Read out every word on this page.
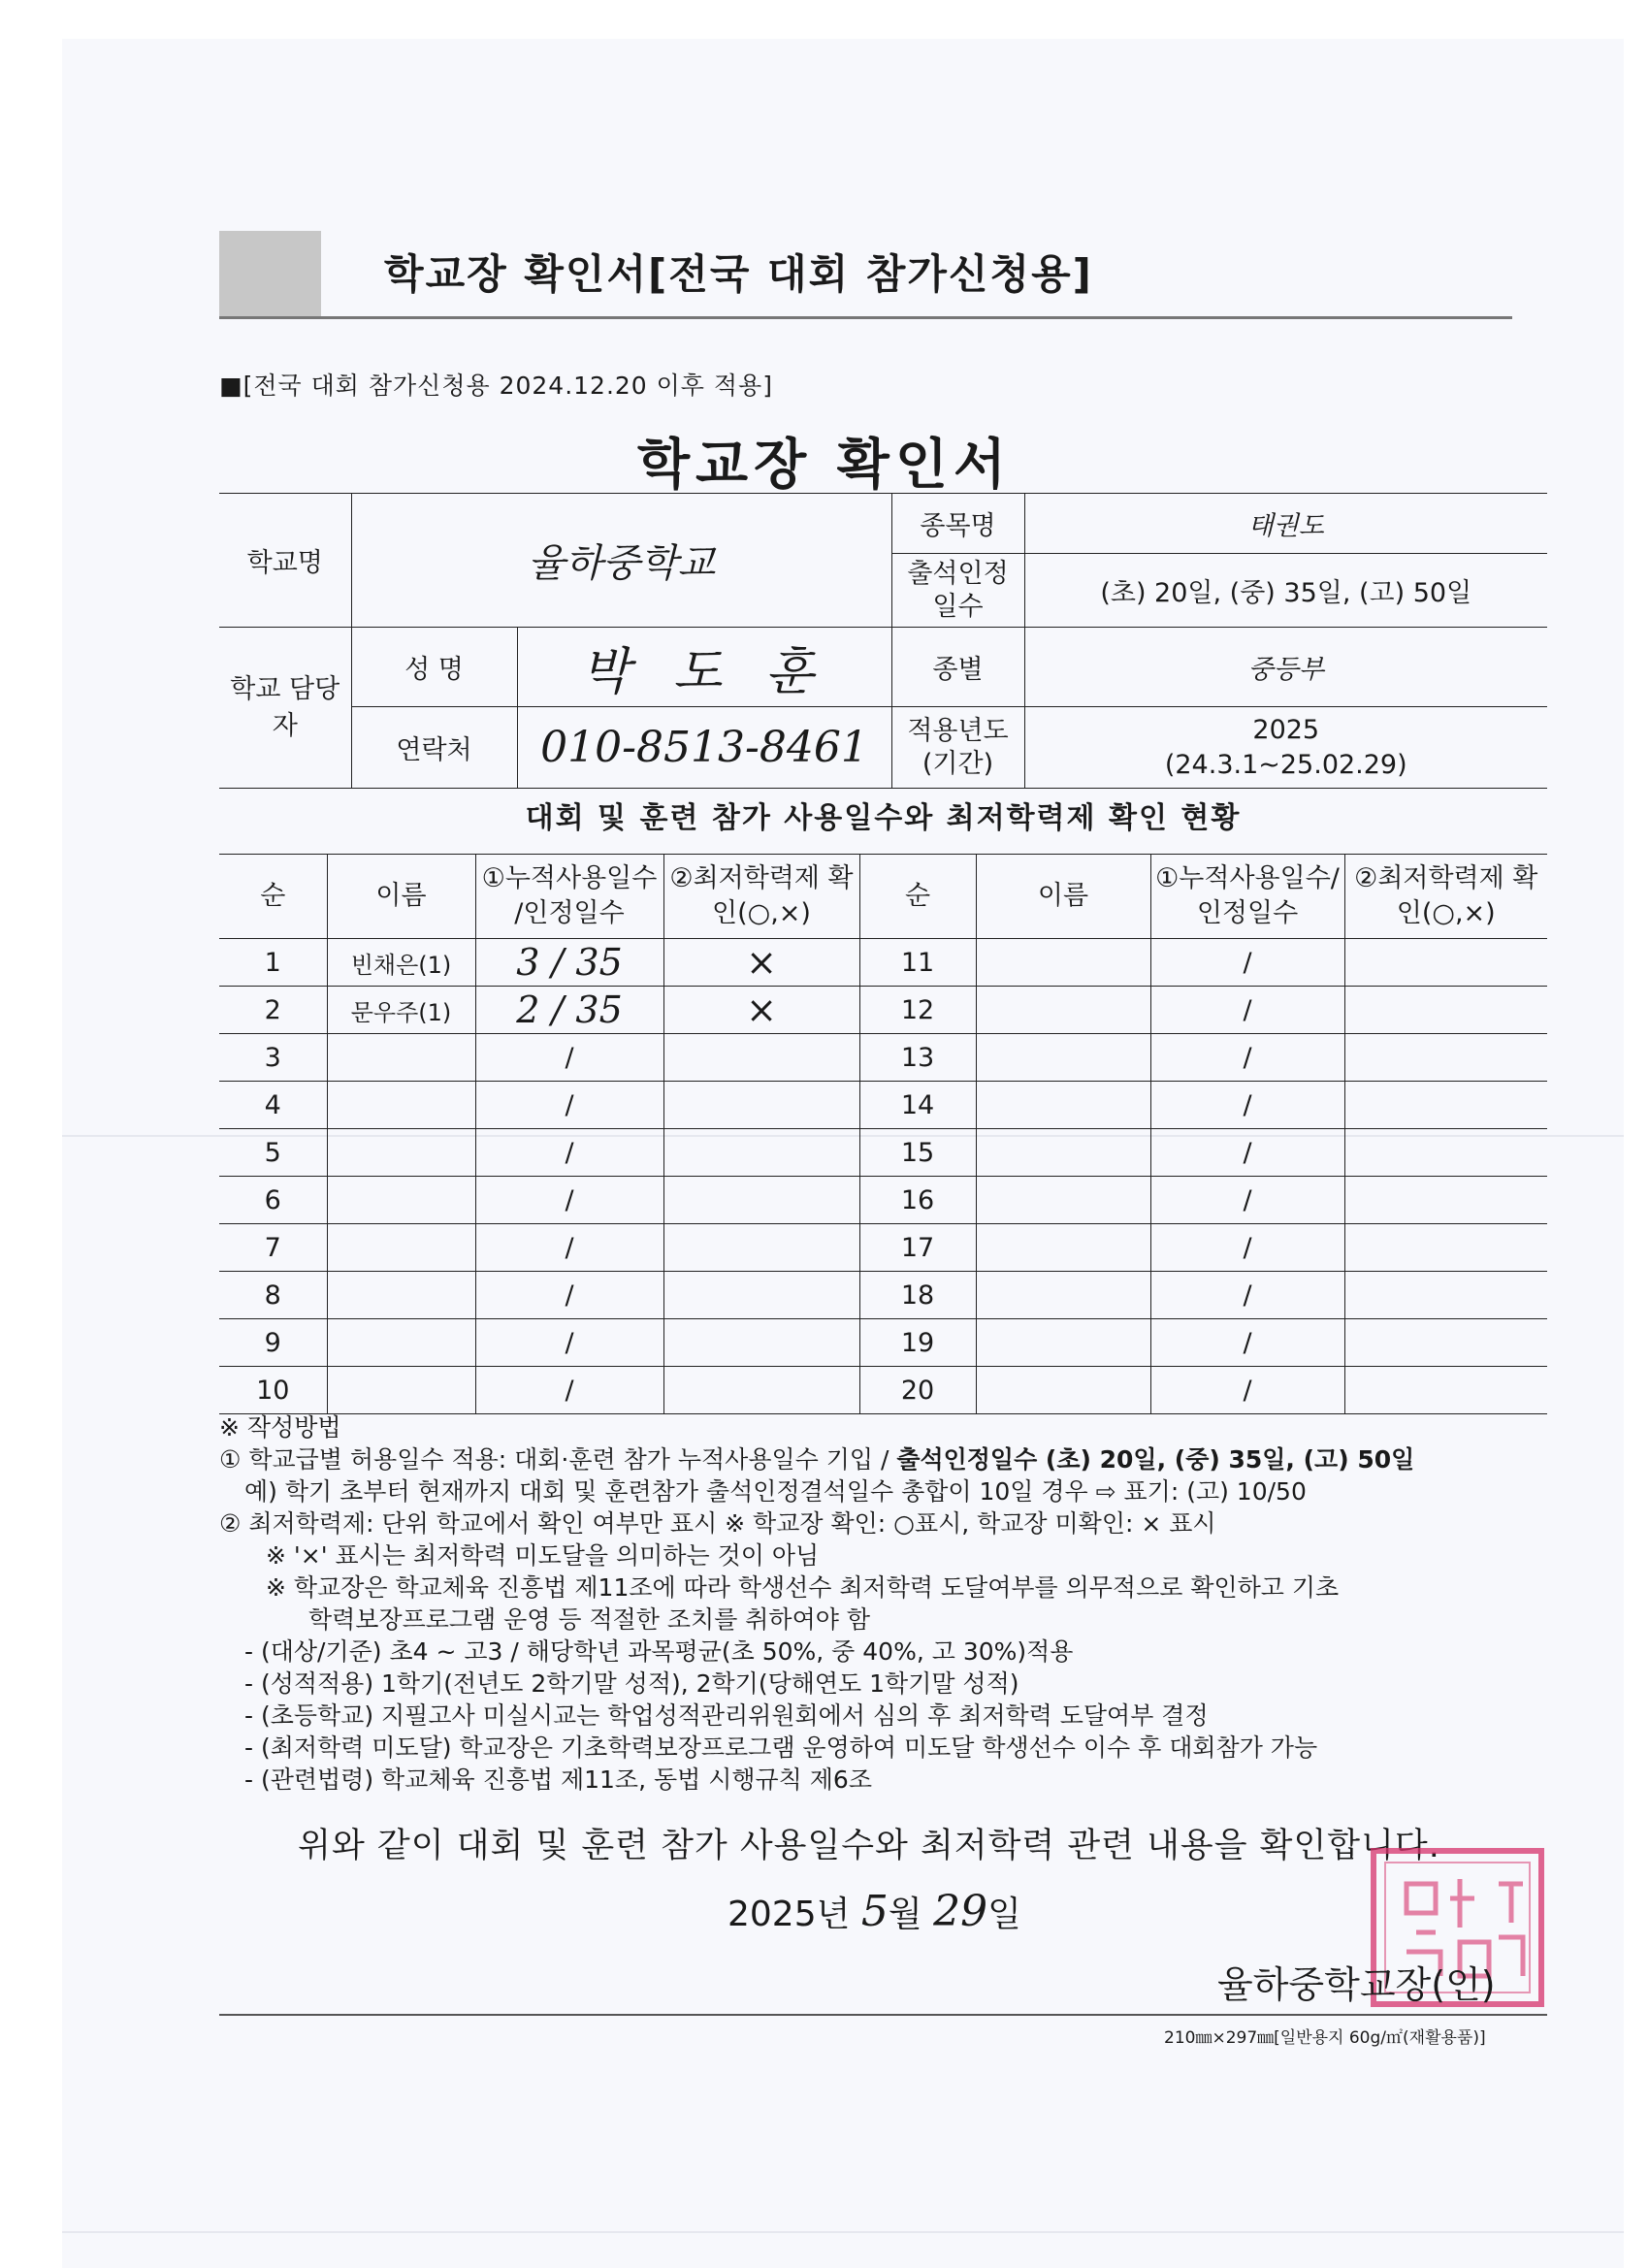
학교장 확인서[전국 대회 참가신청용]
■[전국 대회 참가신청용 2024.12.20 이후 적용]
학교장 확인서
학교명	율하중학교		종목명	태권도
			출석인정 일수	(초) 20일, (중) 35일, (고) 50일
학교 담당자	성 명	박 도 훈	종별	중등부
	연락처	010-8513-8461	적용년도 (기간)	2025
(24.3.1~25.02.29)
대회 및 훈련 참가 사용일수와 최저학력제 확인 현황
순	이름	①누적사용일수 /인정일수	②최저학력제 확인(○,×)	순	이름	①누적사용일수/ 인정일수	②최저학력제 확인(○,×)
1	빈채은(1)	3 / 35	×	11		/	
2	문우주(1)	2 / 35	×	12		/	
3		/		13		/	
4		/		14		/	
5		/		15		/	
6		/		16		/	
7		/		17		/	
8		/		18		/	
9		/		19		/	
10		/		20		/	
※ 작성방법
① 학교급별 허용일수 적용: 대회·훈련 참가 누적사용일수 기입 / 출석인정일수 (초) 20일, (중) 35일, (고) 50일
예) 학기 초부터 현재까지 대회 및 훈련참가 출석인정결석일수 총합이 10일 경우 ⇨ 표기: (고) 10/50
② 최저학력제: 단위 학교에서 확인 여부만 표시 ※ 학교장 확인: ○표시, 학교장 미확인: × 표시
※ '×' 표시는 최저학력 미도달을 의미하는 것이 아님
※ 학교장은 학교체육 진흥법 제11조에 따라 학생선수 최저학력 도달여부를 의무적으로 확인하고 기초
학력보장프로그램 운영 등 적절한 조치를 취하여야 함
- (대상/기준) 초4 ~ 고3 / 해당학년 과목평균(초 50%, 중 40%, 고 30%)적용
- (성적적용) 1학기(전년도 2학기말 성적), 2학기(당해연도 1학기말 성적)
- (초등학교) 지필고사 미실시교는 학업성적관리위원회에서 심의 후 최저학력 도달여부 결정
- (최저학력 미도달) 학교장은 기초학력보장프로그램 운영하여 미도달 학생선수 이수 후 대회참가 가능
- (관련법령) 학교체육 진흥법 제11조, 동법 시행규칙 제6조
위와 같이 대회 및 훈련 참가 사용일수와 최저학력 관련 내용을 확인합니다.
2025년 5월 29일
율하중학교장(인)
210㎜×297㎜[일반용지 60g/㎡(재활용품)]
